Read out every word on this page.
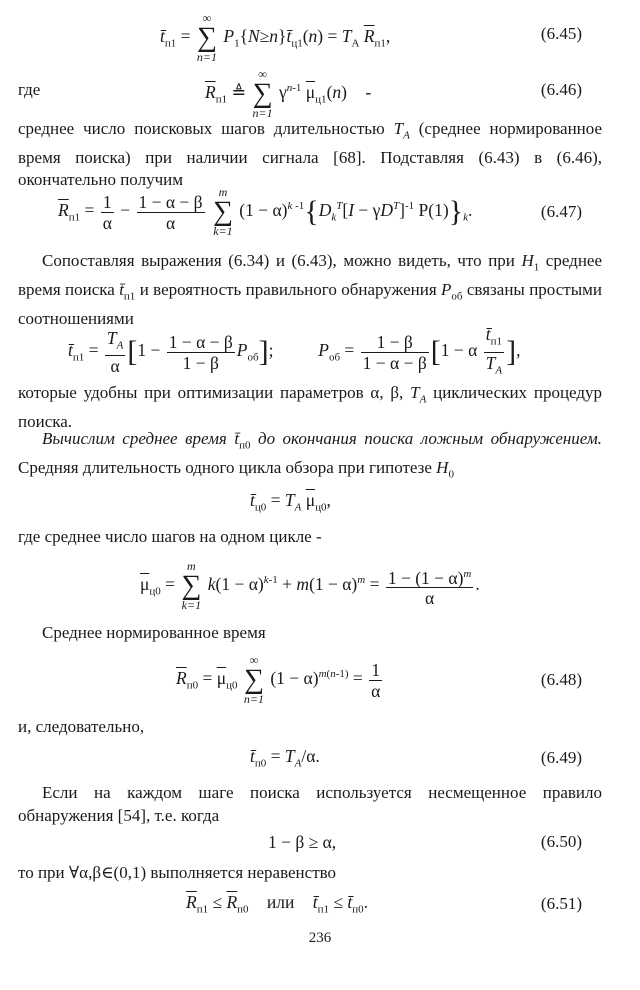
$t̄_{п1}$ =
∞
∑
n=1
$P_1\{N\ge n\}t̄_{ц1}(n) = T_A$ $\overline{R}_{п1}$,	(6.45)
где	$\overline{R}_{п1}$ ≜
∞
∑
n=1
$\gamma^{n-1}$ $\overline{\mu}_{ц1}(n)$ -	(6.46)

среднее число поисковых шагов длительностью $T_A$ (среднее нормированное время поиска) при наличии сигнала [68]. Подставляя (6.43) в (6.46), окончательно получим

$\overline{R}_{п1} = \frac{1}{\alpha} - \frac{1 - \alpha - \beta}{\alpha}$
	m
∑
k=1
$(1 - \alpha)^{k -1}\{D_k^T[I - \gamma D^T]^{-1}$ $P(1)\}_k$.	(6.47)

Сопоставляя выражения (6.34) и (6.43), можно видеть, что при $H_1$ среднее время поиска $t̄_{п1}$ и вероятность правильного обнаружения $P_{об}$ связаны простыми соотношениями

$t̄_{п1} = \frac{T_A}{\alpha} [1 - \frac{1 - \alpha - \beta}{1 - \beta} P_{об}]$;  $P_{об} = \frac{1 - \beta}{1 - \alpha - \beta} [1 - \alpha \frac{t̄_{п1}}{T_A}$ ],

которые удобны при оптимизации параметров α, β, $T_A$ циклических процедур поиска.

Вычислим среднее время $t̄_{п0}$ до окончания поиска ложным обнаружением. Средняя длительность одного цикла обзора при гипотезе $H_0$

$t̄_{ц0} = T_A$ $\overline{\mu}_{ц0}$,

где среднее число шагов на одном цикле -

$\overline{\mu}_{ц0}$ =
m
∑
k=1
$k(1 - \alpha)^{k-1} + m(1 - \alpha)^m = \frac{1 - (1 - \alpha)^m}{\alpha}$ .

Среднее нормированное время

$\overline{R}_{п0} = \overline{\mu}_{ц0}$
∞
∑
n=1
$(1 - \alpha)^{m(n-1)} = \frac{1}{\alpha}$	(6.48)

и, следовательно,

$t̄_{п0} = T_A/\alpha$.	(6.49)

Если на каждом шаге поиска используется несмещенное правило обнаружения [54], т.е. когда

1 − β ≥ α,	(6.50)

то при ∀α,β∈(0,1) выполняется неравенство

$\overline{R}_{п1} \le \overline{R}_{п0}$ или $t̄_{п1}$ ≤ $t̄_{п0}$.	(6.51)
236
